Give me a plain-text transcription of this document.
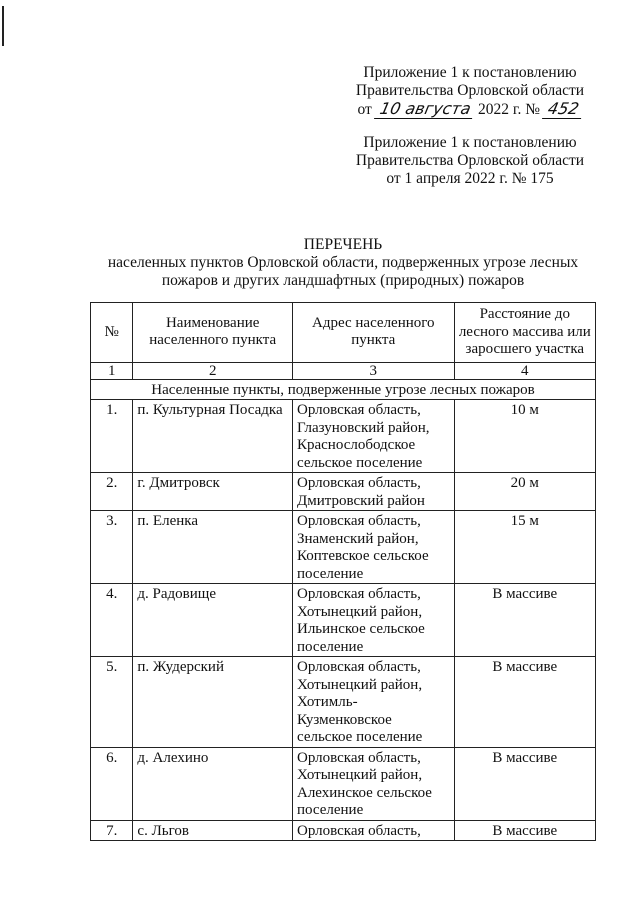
Приложение 1 к постановлению
Правительства Орловской области
от 10 августа 2022 г. № 452
Приложение 1 к постановлению
Правительства Орловской области
от 1 апреля 2022 г. № 175
ПЕРЕЧЕНЬ
населенных пунктов Орловской области, подверженных угрозе лесных
пожаров и других ландшафтных (природных) пожаров
№	Наименование населенного пункта	Адрес населенного пункта	Расстояние до лесного массива или заросшего участка
1	2	3	4
Населенные пункты, подверженные угрозе лесных пожаров			
1.	п. Культурная Посадка	Орловская область, Глазуновский район, Краснослободское сельское поселение	10 м
2.	г. Дмитровск	Орловская область, Дмитровский район	20 м
3.	п. Еленка	Орловская область, Знаменский район, Коптевское сельское поселение	15 м
4.	д. Радовище	Орловская область, Хотынецкий район, Ильинское сельское поселение	В массиве
5.	п. Жудерский	Орловская область, Хотынецкий район, Хотимль-Кузменковское сельское поселение	В массиве
6.	д. Алехино	Орловская область, Хотынецкий район, Алехинское сельское поселение	В массиве
7.	с. Льгов	Орловская область,	В массиве
